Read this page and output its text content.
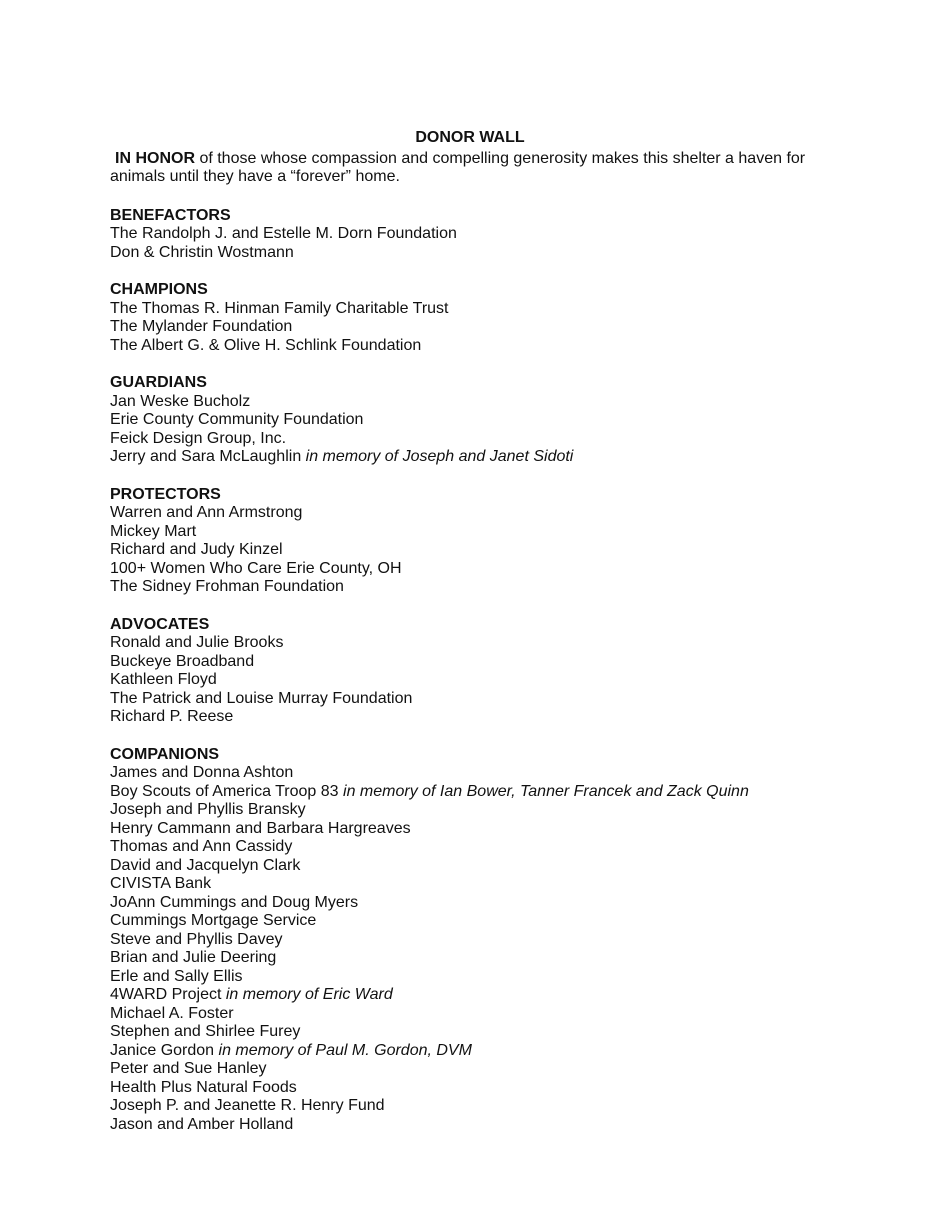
DONOR WALL
IN HONOR of those whose compassion and compelling generosity makes this shelter a haven for animals until they have a “forever” home.
BENEFACTORS
The Randolph J. and Estelle M. Dorn Foundation
Don & Christin Wostmann
CHAMPIONS
The Thomas R. Hinman Family Charitable Trust
The Mylander Foundation
The Albert G. & Olive H. Schlink Foundation
GUARDIANS
Jan Weske Bucholz
Erie County Community Foundation
Feick Design Group, Inc.
Jerry and Sara McLaughlin in memory of Joseph and Janet Sidoti
PROTECTORS
Warren and Ann Armstrong
Mickey Mart
Richard and Judy Kinzel
100+ Women Who Care Erie County, OH
The Sidney Frohman Foundation
ADVOCATES
Ronald and Julie Brooks
Buckeye Broadband
Kathleen Floyd
The Patrick and Louise Murray Foundation
Richard P. Reese
COMPANIONS
James and Donna Ashton
Boy Scouts of America Troop 83 in memory of Ian Bower, Tanner Francek and Zack Quinn
Joseph and Phyllis Bransky
Henry Cammann and Barbara Hargreaves
Thomas and Ann Cassidy
David and Jacquelyn Clark
CIVISTA Bank
JoAnn Cummings and Doug Myers
Cummings Mortgage Service
Steve and Phyllis Davey
Brian and Julie Deering
Erle and Sally Ellis
4WARD Project in memory of Eric Ward
Michael A. Foster
Stephen and Shirlee Furey
Janice Gordon in memory of Paul M. Gordon, DVM
Peter and Sue Hanley
Health Plus Natural Foods
Joseph P. and Jeanette R. Henry Fund
Jason and Amber Holland
